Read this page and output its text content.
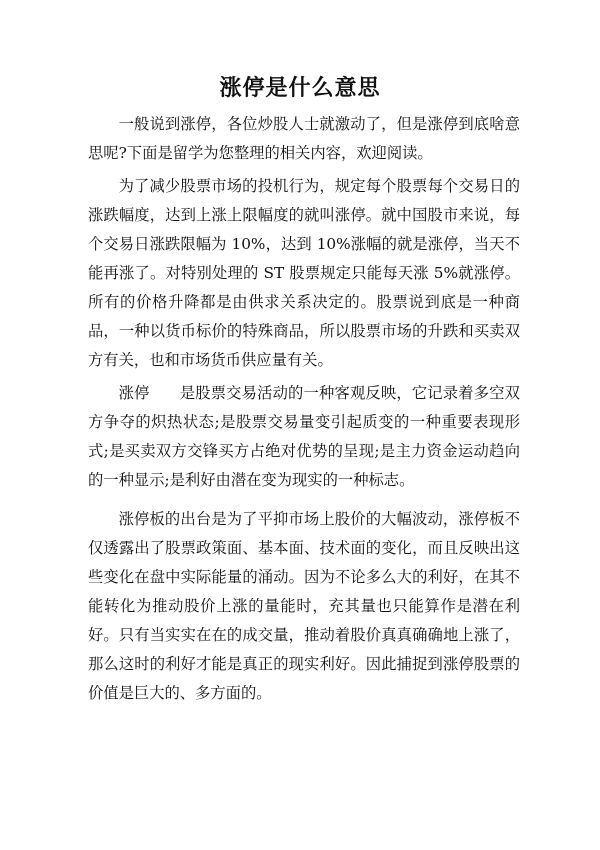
涨停是什么意思

一般说到涨停，各位炒股人士就激动了，但是涨停到底啥意思呢?下面是留学为您整理的相关内容，欢迎阅读。

为了减少股票市场的投机行为，规定每个股票每个交易日的涨跌幅度，达到上涨上限幅度的就叫涨停。就中国股市来说，每个交易日涨跌限幅为 10%，达到 10%涨幅的就是涨停，当天不能再涨了。对特别处理的 ST 股票规定只能每天涨 5%就涨停。 所有的价格升降都是由供求关系决定的。股票说到底是一种商品，一种以货币标价的特殊商品，所以股票市场的升跌和买卖双方有关，也和市场货币供应量有关。

涨停 是股票交易活动的一种客观反映，它记录着多空双方争夺的炽热状态;是股票交易量变引起质变的一种重要表现形式;是买卖双方交锋买方占绝对优势的呈现;是主力资金运动趋向的一种显示;是利好由潜在变为现实的一种标志。

涨停板的出台是为了平抑市场上股价的大幅波动，涨停板不仅透露出了股票政策面、基本面、技术面的变化，而且反映出这些变化在盘中实际能量的涌动。因为不论多么大的利好，在其不能转化为推动股价上涨的量能时，充其量也只能算作是潜在利好。只有当实实在在的成交量，推动着股价真真确确地上涨了，那么这时的利好才能是真正的现实利好。因此捕捉到涨停股票的价值是巨大的、多方面的。
